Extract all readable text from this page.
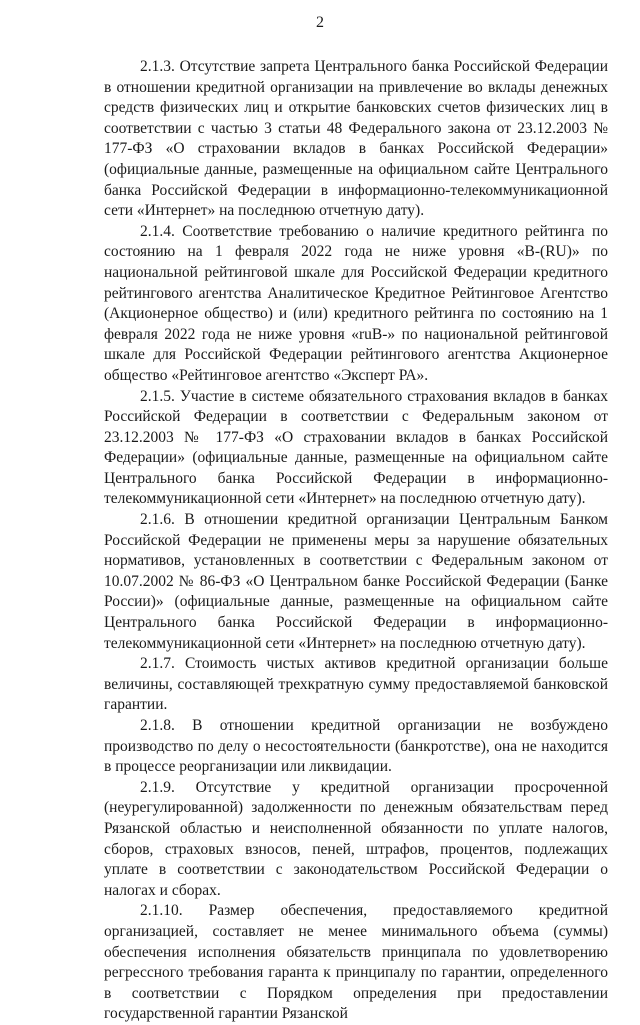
2

2.1.3. Отсутствие запрета Центрального банка Российской Федерации в отношении кредитной организации на привлечение во вклады денежных средств физических лиц и открытие банковских счетов физических лиц в соответствии с частью 3 статьи 48 Федерального закона от 23.12.2003 № 177-ФЗ «О страховании вкладов в банках Российской Федерации» (официальные данные, размещенные на официальном сайте Центрального банка Российской Федерации в информационно-телекоммуникационной сети «Интернет» на последнюю отчетную дату).

2.1.4. Соответствие требованию о наличие кредитного рейтинга по состоянию на 1 февраля 2022 года не ниже уровня «B-(RU)» по национальной рейтинговой шкале для Российской Федерации кредитного рейтингового агентства Аналитическое Кредитное Рейтинговое Агентство (Акционерное общество) и (или) кредитного рейтинга по состоянию на 1 февраля 2022 года не ниже уровня «ruB-» по национальной рейтинговой шкале для Российской Федерации рейтингового агентства Акционерное общество «Рейтинговое агентство «Эксперт РА».

2.1.5. Участие в системе обязательного страхования вкладов в банках Российской Федерации в соответствии с Федеральным законом от 23.12.2003 № 177-ФЗ «О страховании вкладов в банках Российской Федерации» (официальные данные, размещенные на официальном сайте Центрального банка Российской Федерации в информационно-телекоммуникационной сети «Интернет» на последнюю отчетную дату).

2.1.6. В отношении кредитной организации Центральным Банком Российской Федерации не применены меры за нарушение обязательных нормативов, установленных в соответствии с Федеральным законом от 10.07.2002 № 86-ФЗ «О Центральном банке Российской Федерации (Банке России)» (официальные данные, размещенные на официальном сайте Центрального банка Российской Федерации в информационно-телекоммуникационной сети «Интернет» на последнюю отчетную дату).

2.1.7. Стоимость чистых активов кредитной организации больше величины, составляющей трехкратную сумму предоставляемой банковской гарантии.

2.1.8. В отношении кредитной организации не возбуждено производство по делу о несостоятельности (банкротстве), она не находится в процессе реорганизации или ликвидации.

2.1.9. Отсутствие у кредитной организации просроченной (неурегулированной) задолженности по денежным обязательствам перед Рязанской областью и неисполненной обязанности по уплате налогов, сборов, страховых взносов, пеней, штрафов, процентов, подлежащих уплате в соответствии с законодательством Российской Федерации о налогах и сборах.

2.1.10. Размер обеспечения, предоставляемого кредитной организацией, составляет не менее минимального объема (суммы) обеспечения исполнения обязательств принципала по удовлетворению регрессного требования гаранта к принципалу по гарантии, определенного в соответствии с Порядком определения при предоставлении государственной гарантии Рязанской
